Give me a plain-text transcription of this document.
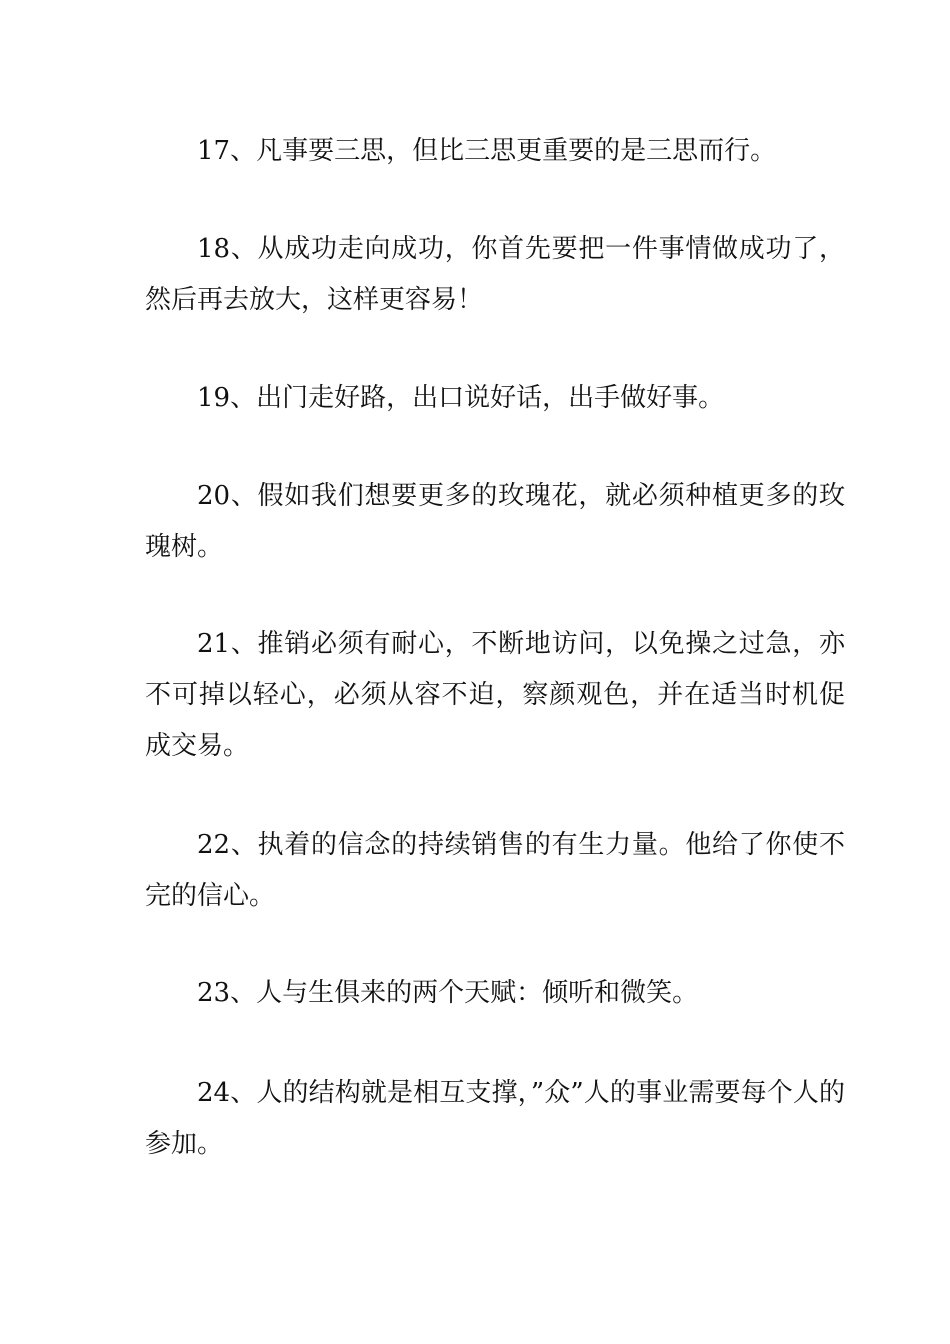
17、凡事要三思，但比三思更重要的是三思而行。

18、从成功走向成功，你首先要把一件事情做成功了，然后再去放大，这样更容易！

19、出门走好路，出口说好话，出手做好事。

20、假如我们想要更多的玫瑰花，就必须种植更多的玫瑰树。

21、推销必须有耐心，不断地访问，以免操之过急，亦不可掉以轻心，必须从容不迫，察颜观色，并在适当时机促成交易。

22、执着的信念的持续销售的有生力量。他给了你使不完的信心。

23、人与生俱来的两个天赋：倾听和微笑。

24、人的结构就是相互支撑，”众”人的事业需要每个人的参加。
